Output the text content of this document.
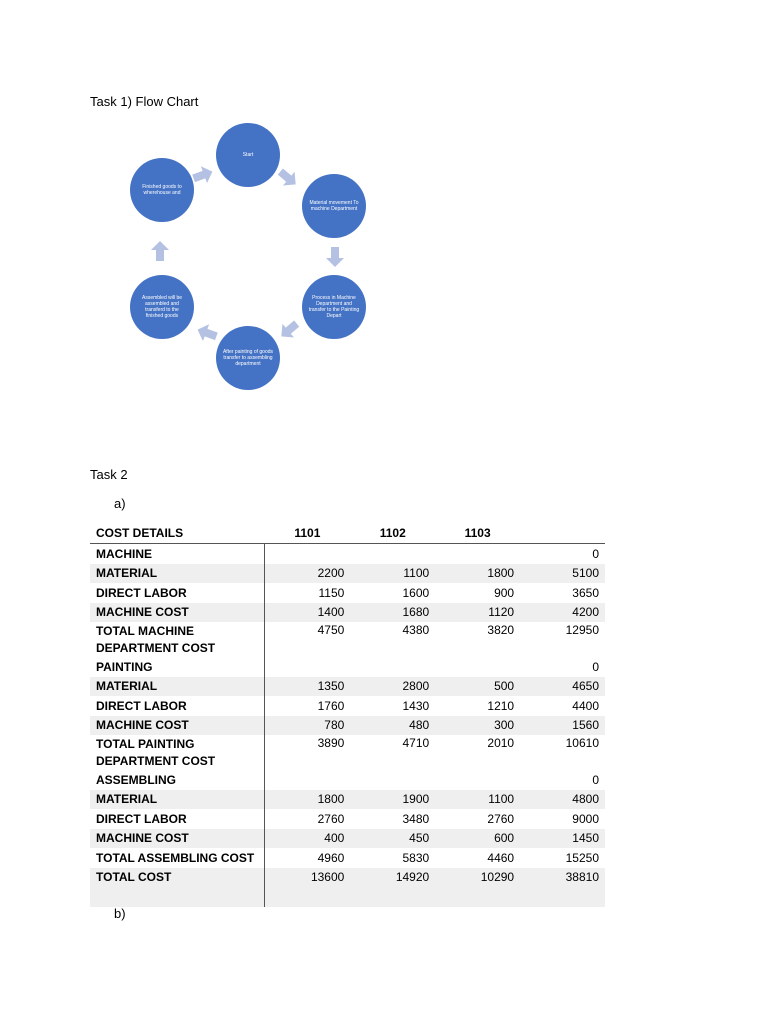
Task 1) Flow Chart
Start
Material movement To machine Department
Process in Machine Department and transfer to the Painting Depart
After painting of goods transfer to assembling department
Assembled will be assembled and transferd to the finished goods
Finished goods to wherehouse and
Task 2
a)
COST DETAILS	1101	1102	1103	
MACHINE				0
MATERIAL	2200	1100	1800	5100
DIRECT LABOR	1150	1600	900	3650
MACHINE COST	1400	1680	1120	4200
TOTAL MACHINE DEPARTMENT COST	4750	4380	3820	12950
PAINTING				0
MATERIAL	1350	2800	500	4650
DIRECT LABOR	1760	1430	1210	4400
MACHINE COST	780	480	300	1560
TOTAL PAINTING DEPARTMENT COST	3890	4710	2010	10610
ASSEMBLING				0
MATERIAL	1800	1900	1100	4800
DIRECT LABOR	2760	3480	2760	9000
MACHINE COST	400	450	600	1450
TOTAL ASSEMBLING COST	4960	5830	4460	15250
TOTAL COST	13600	14920	10290	38810

b)
